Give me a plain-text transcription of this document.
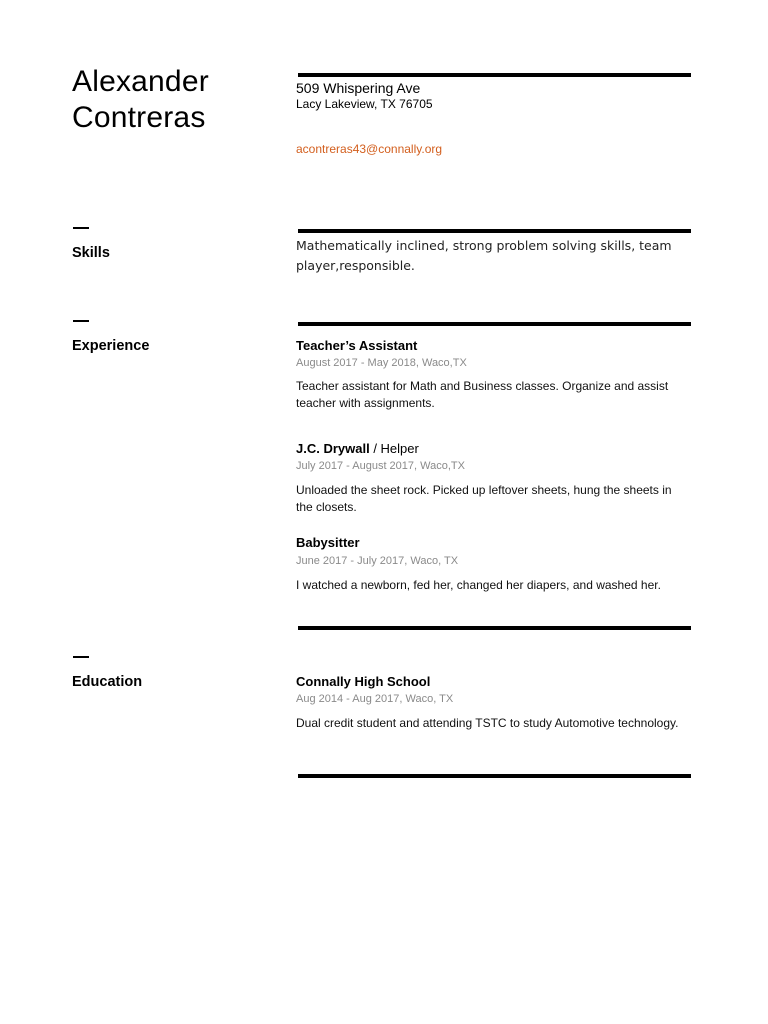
Alexander
Contreras
509 Whispering Ave
Lacy Lakeview, TX 76705
acontreras43@connally.org
Skills	Mathematically inclined, strong problem solving skills, team player,responsible.
Experience	Teacher’s Assistant
August 2017 - May 2018, Waco,TX
Teacher assistant for Math and Business classes. Organize and assist teacher with assignments.
J.C. Drywall / Helper
July 2017 - August 2017, Waco,TX
Unloaded the sheet rock. Picked up leftover sheets, hung the sheets in the closets.
Babysitter
June 2017 - July 2017, Waco, TX
I watched a newborn, fed her, changed her diapers, and washed her.
Education	Connally High School
Aug 2014 - Aug 2017, Waco, TX
Dual credit student and attending TSTC to study Automotive technology.
